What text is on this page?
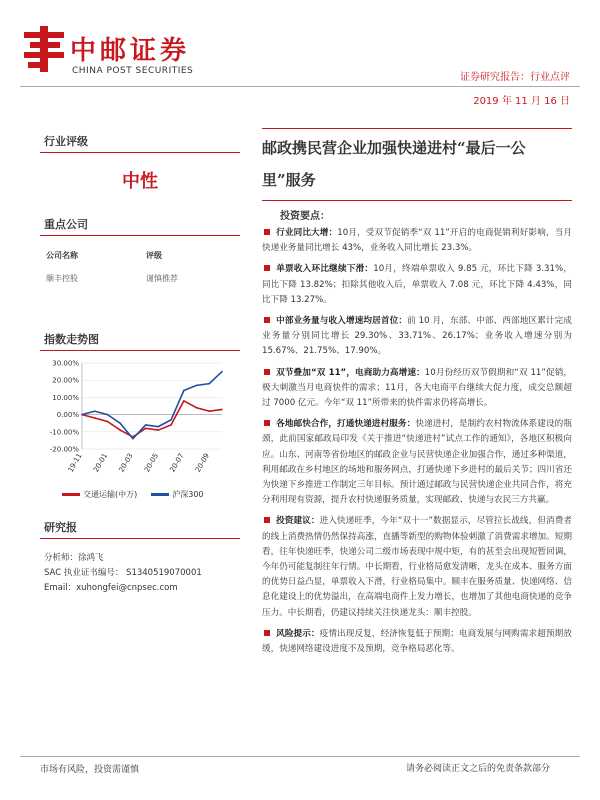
中邮证券
CHINA POST SECURITIES
证券研究报告：行业点评
2019 年 11 月 16 日
行业评级
中性
重点公司
公司名称	评级
顺丰控股	谨慎推荐
指数走势图
30.00%
20.00%
10.00%
0.00%
-10.00%
-20.00%
19-11 20-01 20-03 20-05 20-07 20-09
交通运输(中万)	沪深300
研究报
分析师：徐鸿飞
SAC 执业证书编号： S1340519070001
Email：xuhongfei@cnpsec.com
邮政携民营企业加强快递进村“最后一公
里”服务
投资要点：
行业同比大增：10月，受双节促销季“双 11”开启的电商促销利好影响，当月快递业务量同比增长 43%，业务收入同比增长 23.3%。
单票收入环比继续下滑：10月，终端单票收入 9.85 元，环比下降 3.31%，同比下降 13.82%；扣除其他收入后，单票收入 7.08 元，环比下降 4.43%，同比下降 13.27%。
中部业务量与收入增速均居首位：前 10 月，东部、中部、西部地区累计完成业务量分别同比增长 29.30%、33.71%、26.17%；业务收入增速分别为 15.67%、21.75%、17.90%。
双节叠加“双 11”，电商助力高增速：10月份经历双节假期和“双 11”促销，极大刺激当月电商快件的需求；11月，各大电商平台继续大促力度，成交总额超过 7000 亿元。今年“双 11”所带来的快件需求仍将高增长。
各地邮快合作，打通快递进村服务：快递进村，是制约农村物流体系建设的瓶颈，此前国家邮政局印发《关于推进“快递进村”试点工作的通知》，各地区积极向应。山东、河南等省份地区的邮政企业与民营快递企业加强合作，通过多种渠道，利用邮政在乡村地区的场地和服务网点，打通快递下乡进村的最后关节；四川省还为快递下乡推进工作制定三年目标。预计通过邮政与民营快递企业共同合作，将充分利用现有资源，提升农村快递服务质量，实现邮政、快递与农民三方共赢。
投资建议：进入快递旺季，今年“双十一”数据显示，尽管拉长战线，但消费者的线上消费热情仍然保持高涨，直播等新型的购物体验刺激了消费需求增加。短期看，往年快递旺季，快递公司二级市场表现中规中矩，有的甚至会出现短暂回调，今年仍可能复制往年行情。中长期看，行业格局愈发清晰，龙头在成本、服务方面的优势日益凸显，单票收入下滑，行业格局集中。顺丰在服务质量、快递网络、信息化建设上的优势溢出，在高端电商件上发力增长，也增加了其他电商快递的竞争压力。中长期看，仍建议持续关注快递龙头：顺丰控股。
风险提示：疫情出现反复，经济恢复低于预期；电商发展与网购需求超预期放缓，快递网络建设进度不及预期，竞争格局恶化等。
市场有风险，投资需谨慎	请务必阅读正文之后的免责条款部分
